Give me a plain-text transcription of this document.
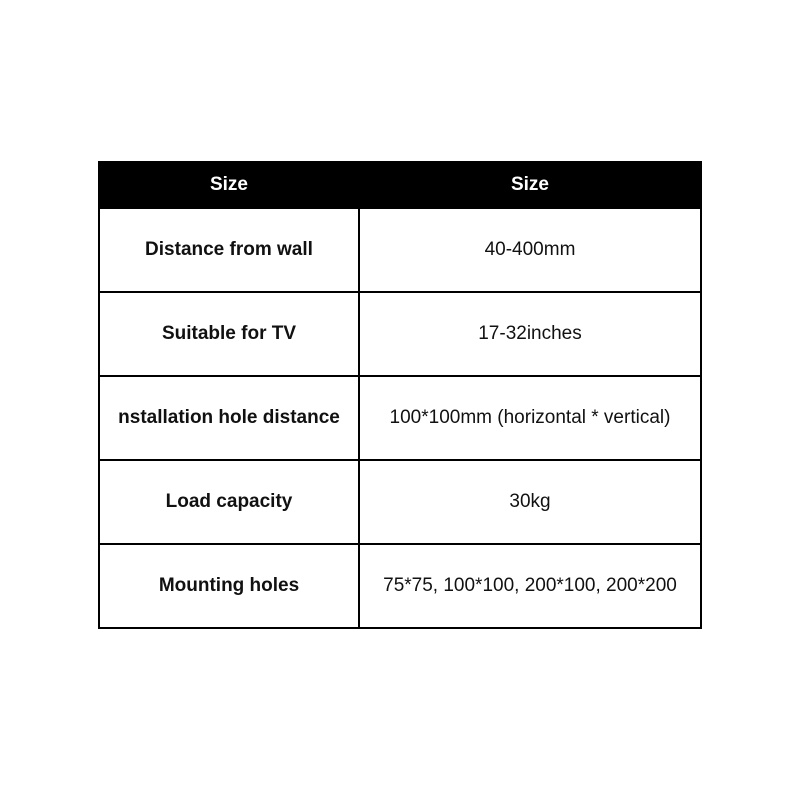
Size	Size
Distance from wall	40-400mm
Suitable for TV	17-32inches
nstallation hole distance	100*100mm (horizontal * vertical)
Load capacity	30kg
Mounting holes	75*75, 100*100, 200*100, 200*200
